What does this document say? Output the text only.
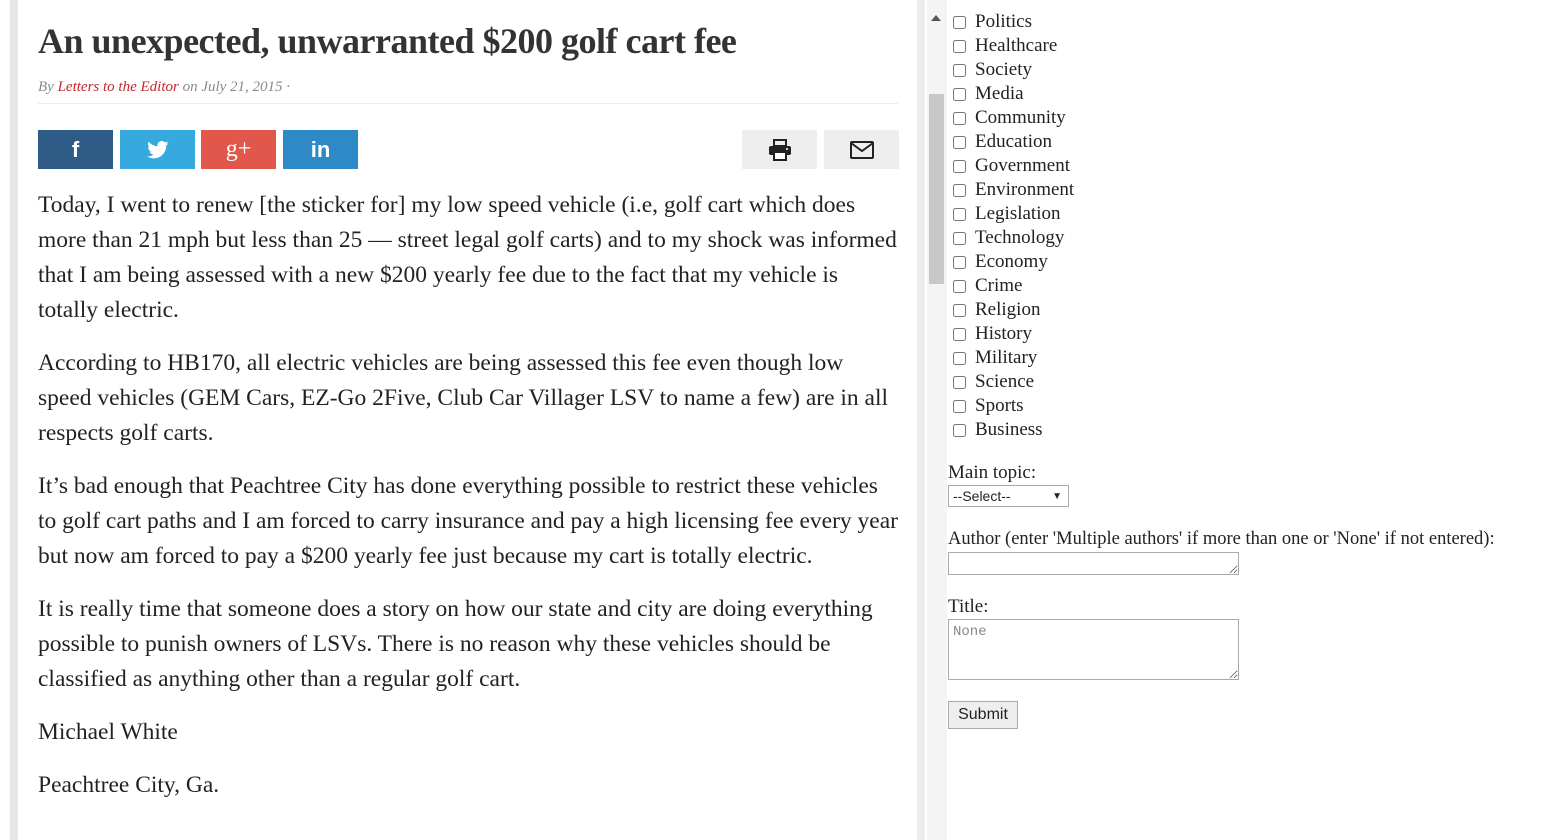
An unexpected, unwarranted $200 golf cart fee
By Letters to the Editor on July 21, 2015 ·
f	g+	in

Today, I went to renew [the sticker for] my low speed vehicle (i.e, golf cart which does more than 21 mph but less than 25 — street legal golf carts) and to my shock was informed that I am being assessed with a new $200 yearly fee due to the fact that my vehicle is totally electric.

According to HB170, all electric vehicles are being assessed this fee even though low speed vehicles (GEM Cars, EZ-Go 2Five, Club Car Villager LSV to name a few) are in all respects golf carts.

It’s bad enough that Peachtree City has done everything possible to restrict these vehicles to golf cart paths and I am forced to carry insurance and pay a high licensing fee every year but now am forced to pay a $200 yearly fee just because my cart is totally electric.

It is really time that someone does a story on how our state and city are doing everything possible to punish owners of LSVs. There is no reason why these vehicles should be classified as anything other than a regular golf cart.

Michael White

Peachtree City, Ga.

Politics
Healthcare
Society
Media
Community
Education
Government
Environment
Legislation
Technology
Economy
Crime
Religion
History
Military
Science
Sports
Business
Main topic:
--Select--	▼
Author (enter 'Multiple authors' if more than one or 'None' if not entered):
Title:
None
Submit
